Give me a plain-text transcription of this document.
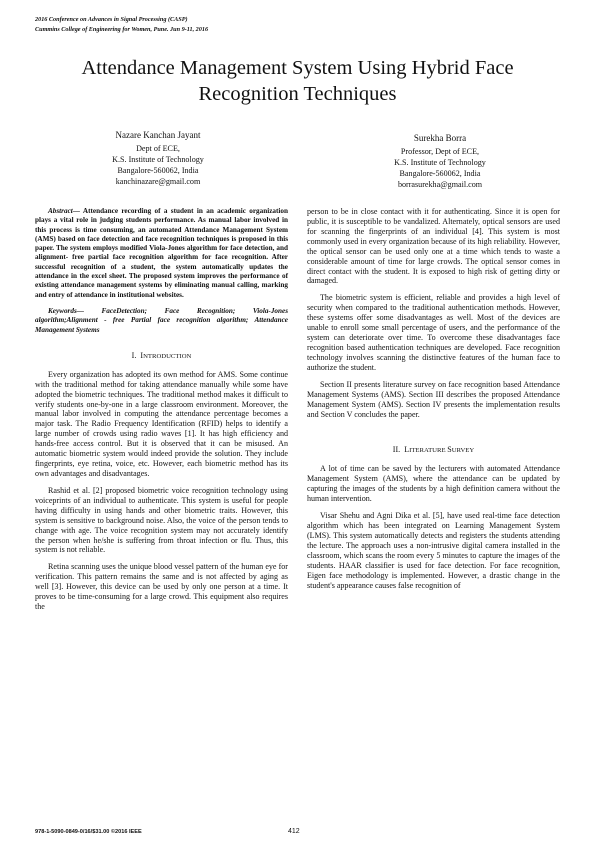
2016 Conference on Advances in Signal Processing (CASP)
Cummins College of Engineering for Women, Pune. Jun 9-11, 2016
Attendance Management System Using Hybrid Face Recognition Techniques
Nazare Kanchan Jayant
Dept of ECE,
K.S. Institute of Technology
Bangalore-560062, India
kanchinazare@gmail.com
Surekha Borra
Professor, Dept of ECE,
K.S. Institute of Technology
Bangalore-560062, India
borrasurekha@gmail.com

Abstract— Attendance recording of a student in an academic organization plays a vital role in judging students performance. As manual labor involved in this process is time consuming, an automated Attendance Management System (AMS) based on face detection and face recognition techniques is proposed in this paper. The system employs modified Viola-Jones algorithm for face detection, and alignment- free partial face recognition algorithm for face recognition. After successful recognition of a student, the system automatically updates the attendance in the excel sheet. The proposed system improves the performance of existing attendance management systems by eliminating manual calling, marking and entry of attendance in institutional websites.

Keywords— FaceDetection; Face Recognition; Viola-Jones algorithm;Alignment - free Partial face recognition algorithm; Attendance Management Systems

I. INTRODUCTION

Every organization has adopted its own method for AMS. Some continue with the traditional method for taking attendance manually while some have adopted the biometric techniques. The traditional method makes it difficult to verify students one-by-one in a large classroom environment. Moreover, the manual labor involved in computing the attendance percentage becomes a major task. The Radio Frequency Identification (RFID) helps to identify a large number of crowds using radio waves [1]. It has high efficiency and hands-free access control. But it is observed that it can be misused. An automatic biometric system would indeed provide the solution. They include fingerprints, eye retina, voice, etc. However, each biometric method has its own advantages and disadvantages.

Rashid et al. [2] proposed biometric voice recognition technology using voiceprints of an individual to authenticate. This system is useful for people having difficulty in using hands and other biometric traits. However, this system is sensitive to background noise. Also, the voice of the person tends to change with age. The voice recognition system may not accurately identify the person when he/she is suffering from throat infection or flu. Thus, this system is not reliable.

Retina scanning uses the unique blood vessel pattern of the human eye for verification. This pattern remains the same and is not affected by aging as well [3]. However, this device can be used by only one person at a time. It proves to be time-consuming for a large crowd. This equipment also requires the

person to be in close contact with it for authenticating. Since it is open for public, it is susceptible to be vandalized. Alternately, optical sensors are used for scanning the fingerprints of an individual [4]. This system is most commonly used in every organization because of its high reliability. However, the optical sensor can be used only one at a time which tends to waste a considerable amount of time for large crowds. The optical sensor comes in direct contact with the student. It is exposed to high risk of getting dirty or damaged.

The biometric system is efficient, reliable and provides a high level of security when compared to the traditional authentication methods. However, these systems offer some disadvantages as well. Most of the devices are unable to enroll some small percentage of users, and the performance of the system can deteriorate over time. To overcome these disadvantages face recognition based authentication techniques are developed. Face recognition technology involves scanning the distinctive features of the human face to authorize the student.

Section II presents literature survey on face recognition based Attendance Management Systems (AMS). Section III describes the proposed Attendance Management System (AMS). Section IV presents the implementation results and Section V concludes the paper.

II. LITERATURE SURVEY

A lot of time can be saved by the lecturers with automated Attendance Management System (AMS), where the attendance can be updated by capturing the images of the students by a high definition camera without the human intervention.

Visar Shehu and Agni Dika et al. [5], have used real-time face detection algorithm which has been integrated on Learning Management System (LMS). This system automatically detects and registers the students attending the lecture. The approach uses a non-intrusive digital camera installed in the classroom, which scans the room every 5 minutes to capture the images of the students. HAAR classifier is used for face detection. For face recognition, Eigen face methodology is implemented. However, a drastic change in the student's appearance causes false recognition of

978-1-5090-0849-0/16/$31.00 ©2016 IEEE	412
